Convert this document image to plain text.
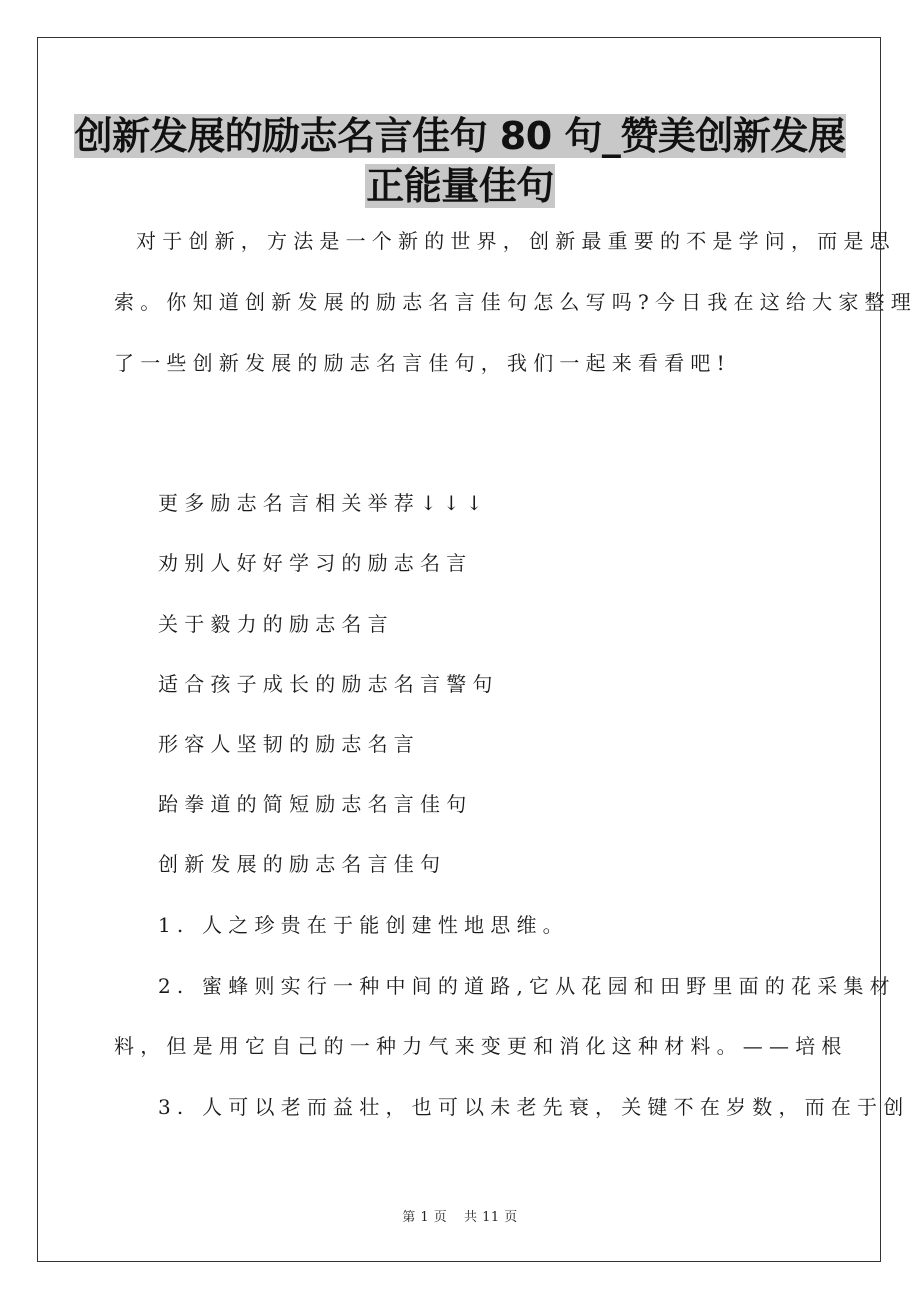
创新发展的励志名言佳句 80 句_赞美创新发展
正能量佳句

对于创新，方法是一个新的世界，创新最重要的不是学问，而是思

索。你知道创新发展的励志名言佳句怎么写吗?今日我在这给大家整理

了一些创新发展的励志名言佳句，我们一起来看看吧!

更多励志名言相关举荐↓↓↓

劝别人好好学习的励志名言

关于毅力的励志名言

适合孩子成长的励志名言警句

形容人坚韧的励志名言

跆拳道的简短励志名言佳句

创新发展的励志名言佳句

1. 人之珍贵在于能创建性地思维。

2. 蜜蜂则实行一种中间的道路,它从花园和田野里面的花采集材

料，但是用它自己的一种力气来变更和消化这种材料。——培根

3. 人可以老而益壮，也可以未老先衰，关键不在岁数，而在于创

第 1 页 共 11 页
